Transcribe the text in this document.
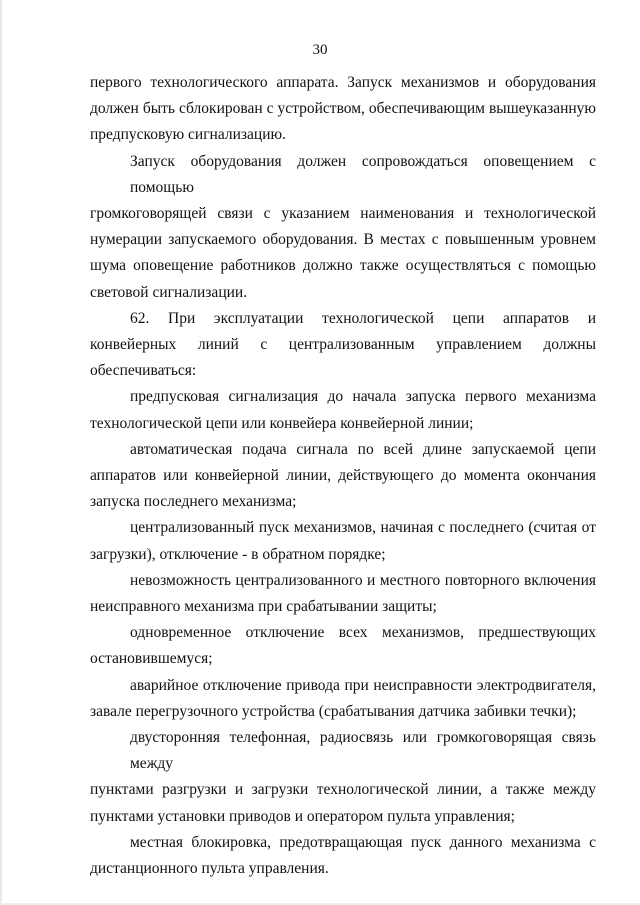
30

первого технологического аппарата. Запуск механизмов и оборудования
должен быть сблокирован с устройством, обеспечивающим вышеуказанную
предпусковую сигнализацию.

Запуск оборудования должен сопровождаться оповещением с помощью
громкоговорящей связи с указанием наименования и технологической
нумерации запускаемого оборудования. В местах с повышенным уровнем
шума оповещение работников должно также осуществляться с помощью
световой сигнализации.

62. При эксплуатации технологической цепи аппаратов и
конвейерных линий с централизованным управлением должны
обеспечиваться:

предпусковая сигнализация до начала запуска первого механизма
технологической цепи или конвейера конвейерной линии;

автоматическая подача сигнала по всей длине запускаемой цепи
аппаратов или конвейерной линии, действующего до момента окончания
запуска последнего механизма;

централизованный пуск механизмов, начиная с последнего (считая от
загрузки), отключение - в обратном порядке;

невозможность централизованного и местного повторного включения
неисправного механизма при срабатывании защиты;

одновременное отключение всех механизмов, предшествующих
остановившемуся;

аварийное отключение привода при неисправности электродвигателя,
завале перегрузочного устройства (срабатывания датчика забивки течки);

двусторонняя телефонная, радиосвязь или громкоговорящая связь между
пунктами разгрузки и загрузки технологической линии, а также между
пунктами установки приводов и оператором пульта управления;

местная блокировка, предотвращающая пуск данного механизма с
дистанционного пульта управления.
